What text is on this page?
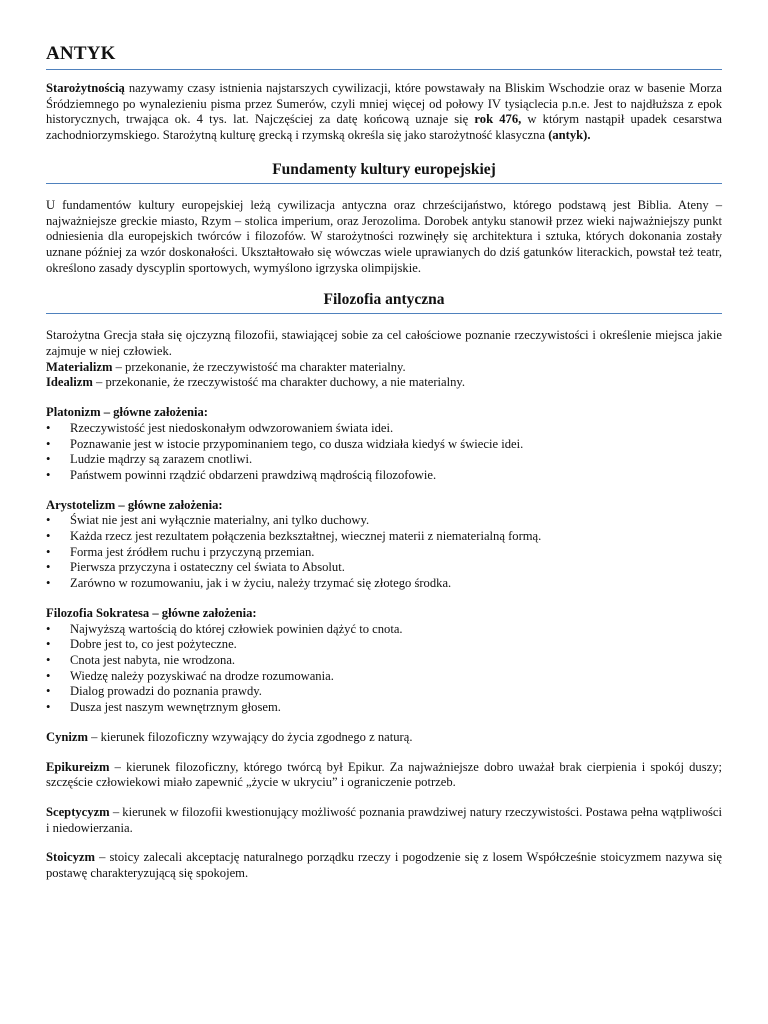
ANTYK

Starożytnością nazywamy czasy istnienia najstarszych cywilizacji, które powstawały na Bliskim Wschodzie oraz w basenie Morza Śródziemnego po wynalezieniu pisma przez Sumerów, czyli mniej więcej od połowy IV tysiąclecia p.n.e. Jest to najdłuższa z epok historycznych, trwająca ok. 4 tys. lat. Najczęściej za datę końcową uznaje się rok 476, w którym nastąpił upadek cesarstwa zachodniorzymskiego. Starożytną kulturę grecką i rzymską określa się jako starożytność klasyczna (antyk).

Fundamenty kultury europejskiej

U fundamentów kultury europejskiej leżą cywilizacja antyczna oraz chrześcijaństwo, którego podstawą jest Biblia. Ateny – najważniejsze greckie miasto, Rzym – stolica imperium, oraz Jerozolima. Dorobek antyku stanowił przez wieki najważniejszy punkt odniesienia dla europejskich twórców i filozofów. W starożytności rozwinęły się architektura i sztuka, których dokonania zostały uznane później za wzór doskonałości. Ukształtowało się wówczas wiele uprawianych do dziś gatunków literackich, powstał też teatr, określono zasady dyscyplin sportowych, wymyślono igrzyska olimpijskie.

Filozofia antyczna

Starożytna Grecja stała się ojczyzną filozofii, stawiającej sobie za cel całościowe poznanie rzeczywistości i określenie miejsca jakie zajmuje w niej człowiek.

Materializm – przekonanie, że rzeczywistość ma charakter materialny.

Idealizm – przekonanie, że rzeczywistość ma charakter duchowy, a nie materialny.

Platonizm – główne założenia:

• Rzeczywistość jest niedoskonałym odwzorowaniem świata idei.
• Poznawanie jest w istocie przypominaniem tego, co dusza widziała kiedyś w świecie idei.
• Ludzie mądrzy są zarazem cnotliwi.
• Państwem powinni rządzić obdarzeni prawdziwą mądrością filozofowie.

Arystotelizm – główne założenia:

• Świat nie jest ani wyłącznie materialny, ani tylko duchowy.
• Każda rzecz jest rezultatem połączenia bezkształtnej, wiecznej materii z niematerialną formą.
• Forma jest źródłem ruchu i przyczyną przemian.
• Pierwsza przyczyna i ostateczny cel świata to Absolut.
• Zarówno w rozumowaniu, jak i w życiu, należy trzymać się złotego środka.

Filozofia Sokratesa – główne założenia:

• Najwyższą wartością do której człowiek powinien dążyć to cnota.
• Dobre jest to, co jest pożyteczne.
• Cnota jest nabyta, nie wrodzona.
• Wiedzę należy pozyskiwać na drodze rozumowania.
• Dialog prowadzi do poznania prawdy.
• Dusza jest naszym wewnętrznym głosem.

Cynizm – kierunek filozoficzny wzywający do życia zgodnego z naturą.

Epikureizm – kierunek filozoficzny, którego twórcą był Epikur. Za najważniejsze dobro uważał brak cierpienia i spokój duszy; szczęście człowiekowi miało zapewnić „życie w ukryciu” i ograniczenie potrzeb.

Sceptycyzm – kierunek w filozofii kwestionujący możliwość poznania prawdziwej natury rzeczywistości. Postawa pełna wątpliwości i niedowierzania.

Stoicyzm – stoicy zalecali akceptację naturalnego porządku rzeczy i pogodzenie się z losem Współcześnie stoicyzmem nazywa się postawę charakteryzującą się spokojem.
